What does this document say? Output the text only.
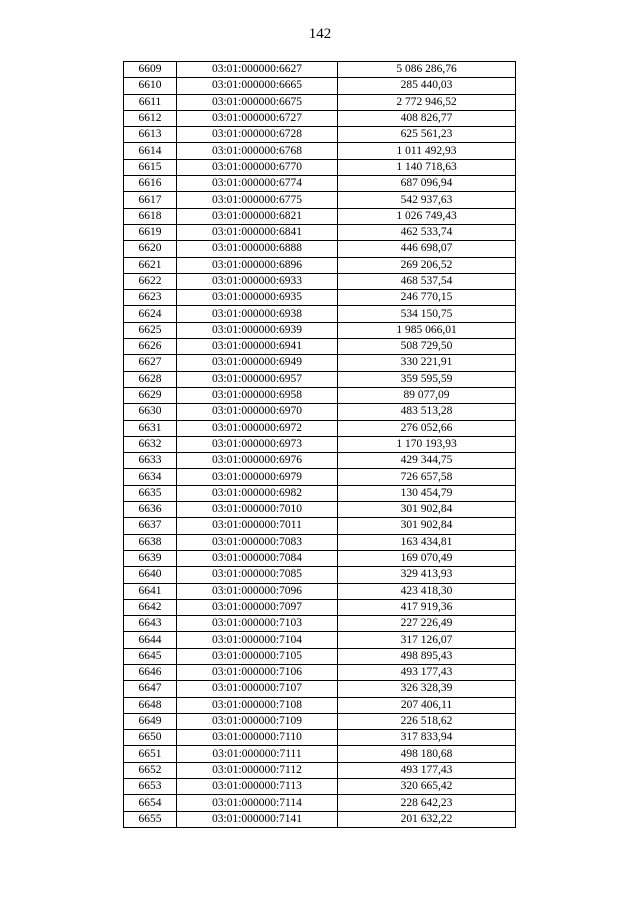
142
6609	03:01:000000:6627	5 086 286,76
6610	03:01:000000:6665	285 440,03
6611	03:01:000000:6675	2 772 946,52
6612	03:01:000000:6727	408 826,77
6613	03:01:000000:6728	625 561,23
6614	03:01:000000:6768	1 011 492,93
6615	03:01:000000:6770	1 140 718,63
6616	03:01:000000:6774	687 096,94
6617	03:01:000000:6775	542 937,63
6618	03:01:000000:6821	1 026 749,43
6619	03:01:000000:6841	462 533,74
6620	03:01:000000:6888	446 698,07
6621	03:01:000000:6896	269 206,52
6622	03:01:000000:6933	468 537,54
6623	03:01:000000:6935	246 770,15
6624	03:01:000000:6938	534 150,75
6625	03:01:000000:6939	1 985 066,01
6626	03:01:000000:6941	508 729,50
6627	03:01:000000:6949	330 221,91
6628	03:01:000000:6957	359 595,59
6629	03:01:000000:6958	89 077,09
6630	03:01:000000:6970	483 513,28
6631	03:01:000000:6972	276 052,66
6632	03:01:000000:6973	1 170 193,93
6633	03:01:000000:6976	429 344,75
6634	03:01:000000:6979	726 657,58
6635	03:01:000000:6982	130 454,79
6636	03:01:000000:7010	301 902,84
6637	03:01:000000:7011	301 902,84
6638	03:01:000000:7083	163 434,81
6639	03:01:000000:7084	169 070,49
6640	03:01:000000:7085	329 413,93
6641	03:01:000000:7096	423 418,30
6642	03:01:000000:7097	417 919,36
6643	03:01:000000:7103	227 226,49
6644	03:01:000000:7104	317 126,07
6645	03:01:000000:7105	498 895,43
6646	03:01:000000:7106	493 177,43
6647	03:01:000000:7107	326 328,39
6648	03:01:000000:7108	207 406,11
6649	03:01:000000:7109	226 518,62
6650	03:01:000000:7110	317 833,94
6651	03:01:000000:7111	498 180,68
6652	03:01:000000:7112	493 177,43
6653	03:01:000000:7113	320 665,42
6654	03:01:000000:7114	228 642,23
6655	03:01:000000:7141	201 632,22
